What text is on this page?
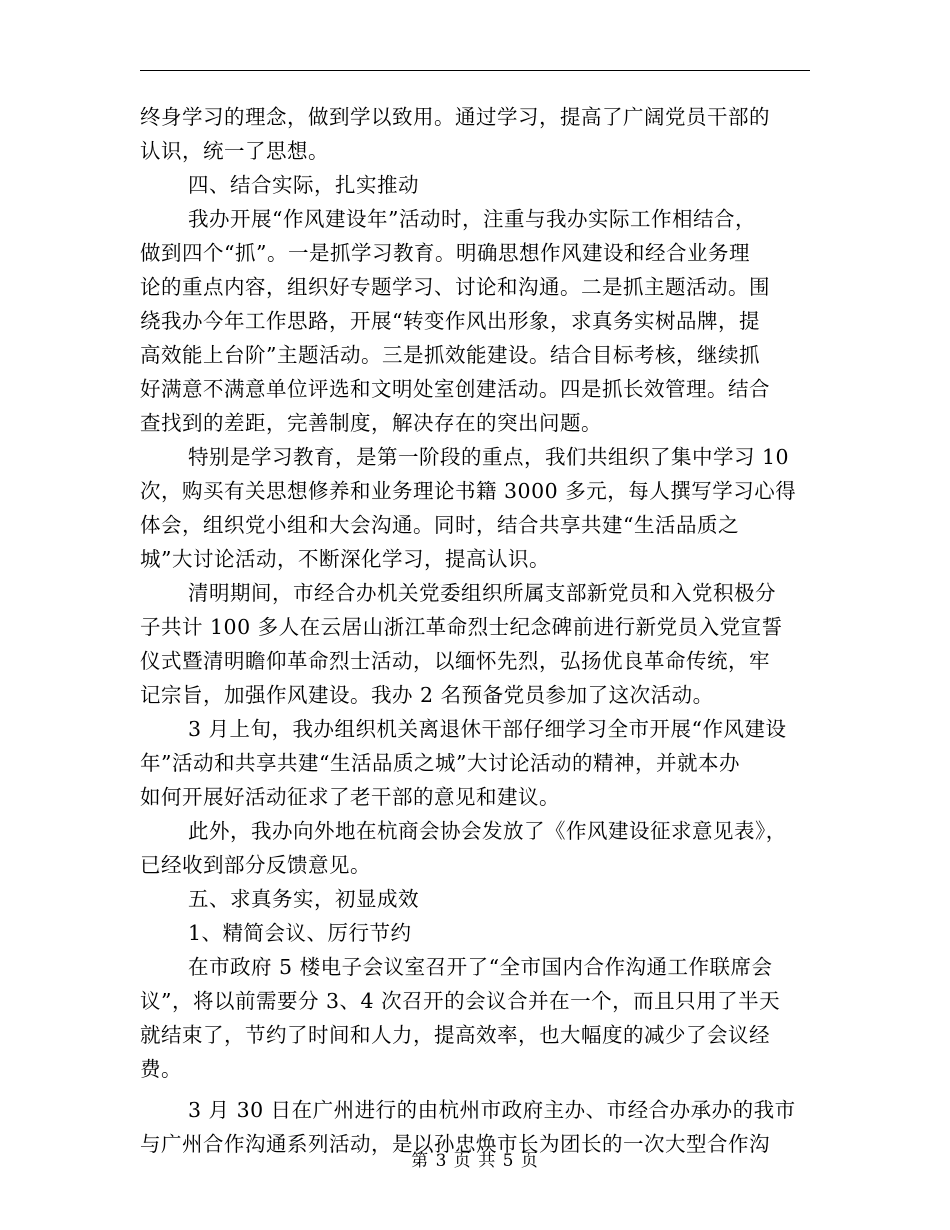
终身学习的理念，做到学以致用。通过学习，提高了广阔党员干部的
认识，统一了思想。
四、结合实际，扎实推动
我办开展“作风建设年”活动时，注重与我办实际工作相结合，
做到四个“抓”。一是抓学习教育。明确思想作风建设和经合业务理
论的重点内容，组织好专题学习、讨论和沟通。二是抓主题活动。围
绕我办今年工作思路，开展“转变作风出形象，求真务实树品牌，提
高效能上台阶”主题活动。三是抓效能建设。结合目标考核，继续抓
好满意不满意单位评选和文明处室创建活动。四是抓长效管理。结合
查找到的差距，完善制度，解决存在的突出问题。
特别是学习教育，是第一阶段的重点，我们共组织了集中学习 10
次，购买有关思想修养和业务理论书籍 3000 多元，每人撰写学习心得
体会，组织党小组和大会沟通。同时，结合共享共建“生活品质之
城”大讨论活动，不断深化学习，提高认识。
清明期间，市经合办机关党委组织所属支部新党员和入党积极分
子共计 100 多人在云居山浙江革命烈士纪念碑前进行新党员入党宣誓
仪式暨清明瞻仰革命烈士活动，以缅怀先烈，弘扬优良革命传统，牢
记宗旨，加强作风建设。我办 2 名预备党员参加了这次活动。
3 月上旬，我办组织机关离退休干部仔细学习全市开展“作风建设
年”活动和共享共建“生活品质之城”大讨论活动的精神，并就本办
如何开展好活动征求了老干部的意见和建议。
此外，我办向外地在杭商会协会发放了《作风建设征求意见表》，
已经收到部分反馈意见。
五、求真务实，初显成效
1、精简会议、厉行节约
在市政府 5 楼电子会议室召开了“全市国内合作沟通工作联席会
议”，将以前需要分 3、4 次召开的会议合并在一个，而且只用了半天
就结束了，节约了时间和人力，提高效率，也大幅度的减少了会议经
费。
3 月 30 日在广州进行的由杭州市政府主办、市经合办承办的我市
与广州合作沟通系列活动，是以孙忠焕市长为团长的一次大型合作沟
第 3 页 共 5 页
